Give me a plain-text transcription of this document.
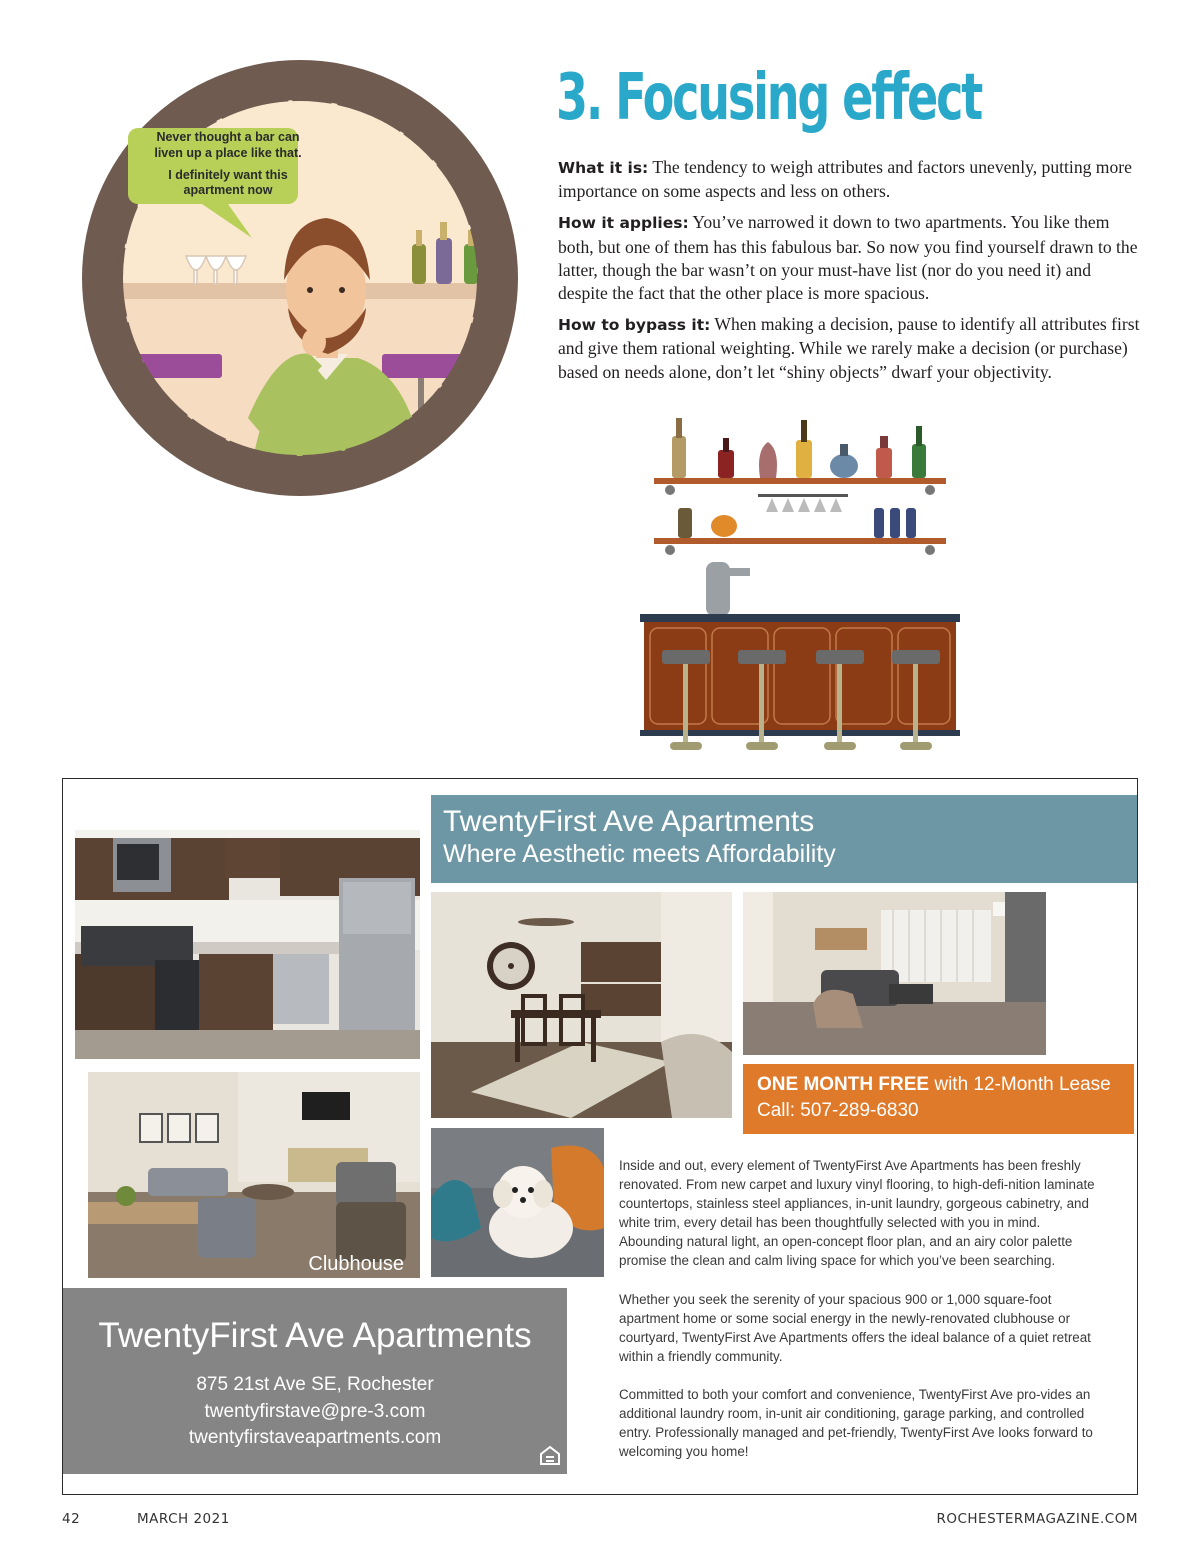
Never thought a bar can
liven up a place like that.
I definitely want this
apartment now
3. Focusing effect

What it is: The tendency to weigh attributes and factors unevenly, putting more importance on some aspects and less on others.

How it applies: You’ve narrowed it down to two apartments. You like them both, but one of them has this fabulous bar. So now you find yourself drawn to the latter, though the bar wasn’t on your must-have list (nor do you need it) and despite the fact that the other place is more spacious.

How to bypass it: When making a decision, pause to identify all attributes first and give them rational weighting. While we rarely make a decision (or purchase) based on needs alone, don’t let “shiny objects” dwarf your objectivity.

TwentyFirst Ave Apartments
Where Aesthetic meets Affordability
ONE MONTH FREE with 12-Month Lease
Call: 507-289-6830
Clubhouse

Inside and out, every element of TwentyFirst Ave Apartments has been freshly renovated. From new carpet and luxury vinyl flooring, to high-defi-nition laminate countertops, stainless steel appliances, in-unit laundry, gorgeous cabinetry, and white trim, every detail has been thoughtfully selected with you in mind. Abounding natural light, an open-concept floor plan, and an airy color palette promise the clean and calm living space for which you’ve been searching.

Whether you seek the serenity of your spacious 900 or 1,000 square-foot apartment home or some social energy in the newly-renovated clubhouse or courtyard, TwentyFirst Ave Apartments offers the ideal balance of a quiet retreat within a friendly community.

Committed to both your comfort and convenience, TwentyFirst Ave pro-vides an additional laundry room, in-unit air conditioning, garage parking, and controlled entry. Professionally managed and pet-friendly, TwentyFirst Ave looks forward to welcoming you home!

TwentyFirst Ave Apartments
875 21st Ave SE, Rochester
twentyfirstave@pre-3.com
twentyfirstaveapartments.com
42	MARCH 2021	ROCHESTERMAGAZINE.COM
